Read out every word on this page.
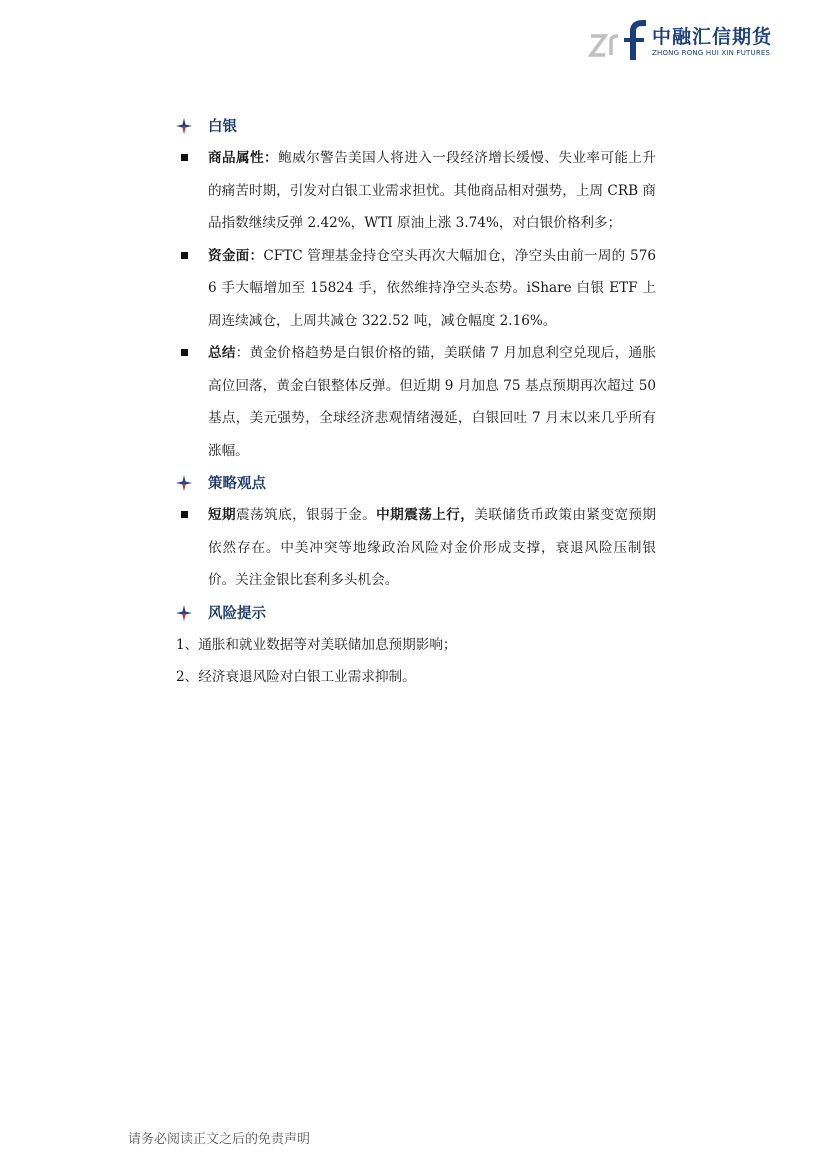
中融汇信期货
ZHONG RONG HUI XIN FUTURES
白银

商品属性：鲍威尔警告美国人将进入一段经济增长缓慢、失业率可能上升的痛苦时期，引发对白银工业需求担忧。其他商品相对强势，上周 CRB 商品指数继续反弹 2.42%，WTI 原油上涨 3.74%，对白银价格利多；

资金面：CFTC 管理基金持仓空头再次大幅加仓，净空头由前一周的 5766 手大幅增加至 15824 手，依然维持净空头态势。iShare 白银 ETF 上周连续减仓，上周共减仓 322.52 吨，减仓幅度 2.16%。

总结：黄金价格趋势是白银价格的锚，美联储 7 月加息利空兑现后，通胀高位回落，黄金白银整体反弹。但近期 9 月加息 75 基点预期再次超过 50 基点，美元强势，全球经济悲观情绪漫延，白银回吐 7 月末以来几乎所有涨幅。

策略观点

短期震荡筑底，银弱于金。中期震荡上行，美联储货币政策由紧变宽预期依然存在。中美冲突等地缘政治风险对金价形成支撑，衰退风险压制银价。关注金银比套利多头机会。

风险提示

1、通胀和就业数据等对美联储加息预期影响；

2、经济衰退风险对白银工业需求抑制。

请务必阅读正文之后的免责声明
